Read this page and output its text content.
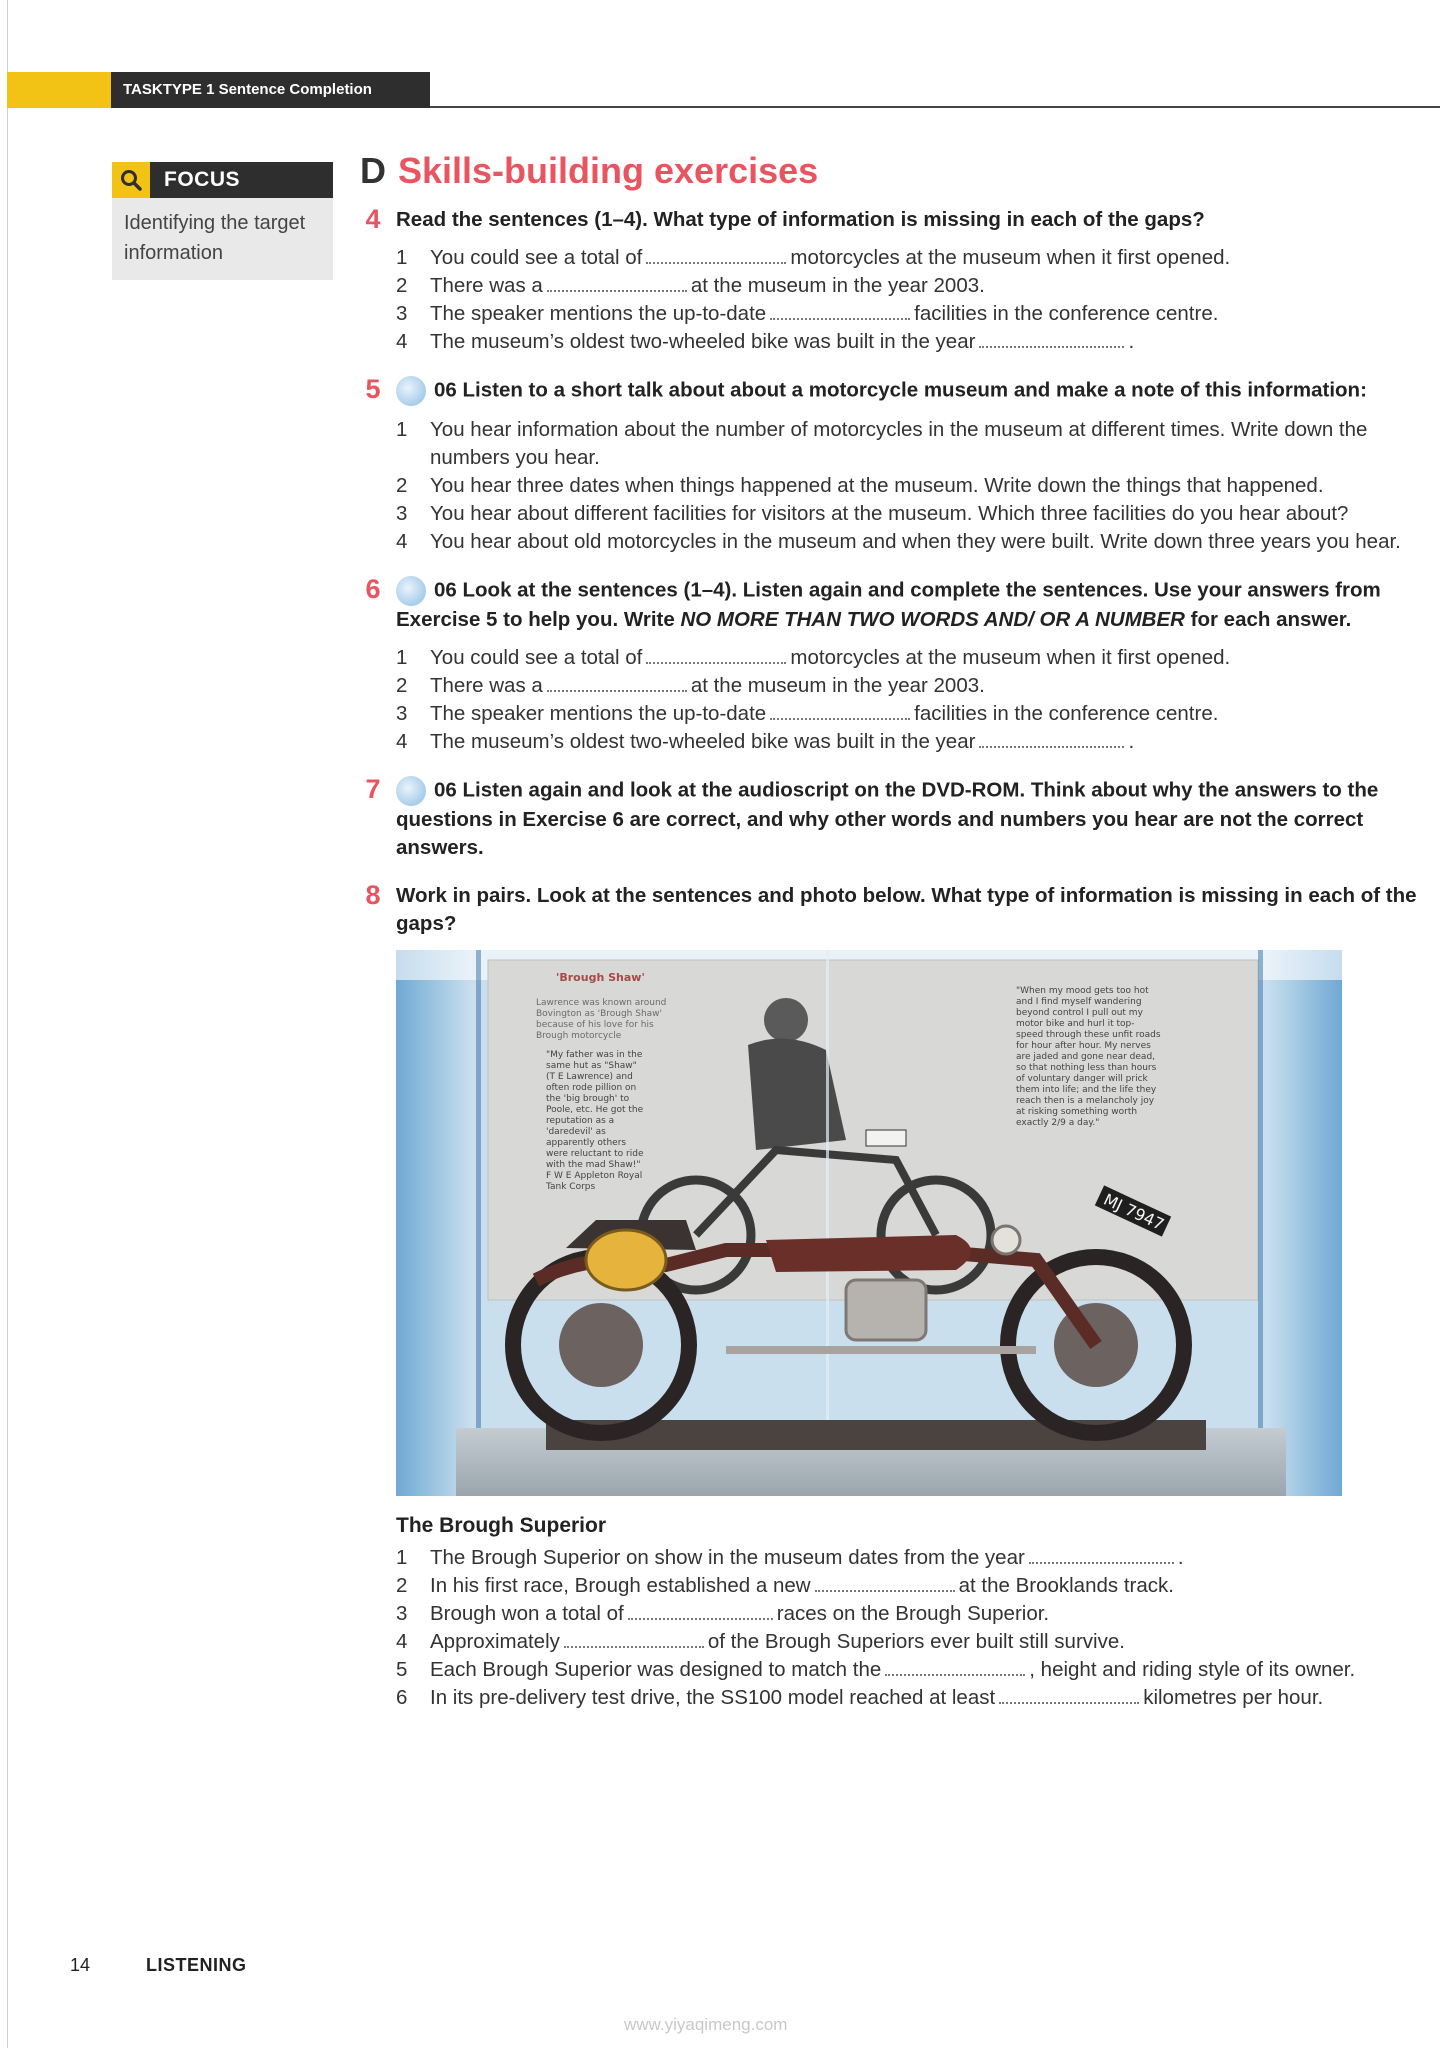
TASKTYPE 1 Sentence Completion
FOCUS
Identifying the target information
D Skills-building exercises
4 Read the sentences (1–4). What type of information is missing in each of the gaps?
1	You could see a total of	motorcycles at the museum when it first opened.
2	There was a	at the museum in the year 2003.
3	The speaker mentions the up-to-date	facilities in the conference centre.
4	The museum’s oldest two-wheeled bike was built in the year	.
5	06 Listen to a short talk about about a motorcycle museum and make a note of this information:
1	You hear information about the number of motorcycles in the museum at different times. Write down the numbers you hear.
2	You hear three dates when things happened at the museum. Write down the things that happened.
3	You hear about different facilities for visitors at the museum. Which three facilities do you hear about?
4	You hear about old motorcycles in the museum and when they were built. Write down three years you hear.
6	06 Look at the sentences (1–4). Listen again and complete the sentences. Use your answers from Exercise 5 to help you. Write NO MORE THAN TWO WORDS AND/ OR A NUMBER for each answer.
1	You could see a total of	motorcycles at the museum when it first opened.
2	There was a	at the museum in the year 2003.
3	The speaker mentions the up-to-date	facilities in the conference centre.
4	The museum’s oldest two-wheeled bike was built in the year	.
7	06 Listen again and look at the audioscript on the DVD-ROM. Think about why the answers to the questions in Exercise 6 are correct, and why other words and numbers you hear are not the correct answers.
8 Work in pairs. Look at the sentences and photo below. What type of information is missing in each of the gaps?
MJ 7947
'Brough Shaw'
Lawrence was known around Bovington as 'Brough Shaw' because of his love for his Brough motorcycle
"My father was in the same hut as "Shaw" (T E Lawrence) and often rode pillion on the 'big brough' to Poole, etc. He got the reputation as a 'daredevil' as apparently others were reluctant to ride with the mad Shaw!" F W E Appleton Royal Tank Corps
"When my mood gets too hot and I find myself wandering beyond control I pull out my motor bike and hurl it top-speed through these unfit roads for hour after hour. My nerves are jaded and gone near dead, so that nothing less than hours of voluntary danger will prick them into life; and the life they reach then is a melancholy joy at risking something worth exactly 2/9 a day."
The Brough Superior
1	The Brough Superior on show in the museum dates from the year	.
2	In his first race, Brough established a new	at the Brooklands track.
3	Brough won a total of	races on the Brough Superior.
4	Approximately	of the Brough Superiors ever built still survive.
5	Each Brough Superior was designed to match the	, height and riding style of its owner.
6	In its pre-delivery test drive, the SS100 model reached at least	kilometres per hour.
14	LISTENING
www.yiyaqimeng.com
